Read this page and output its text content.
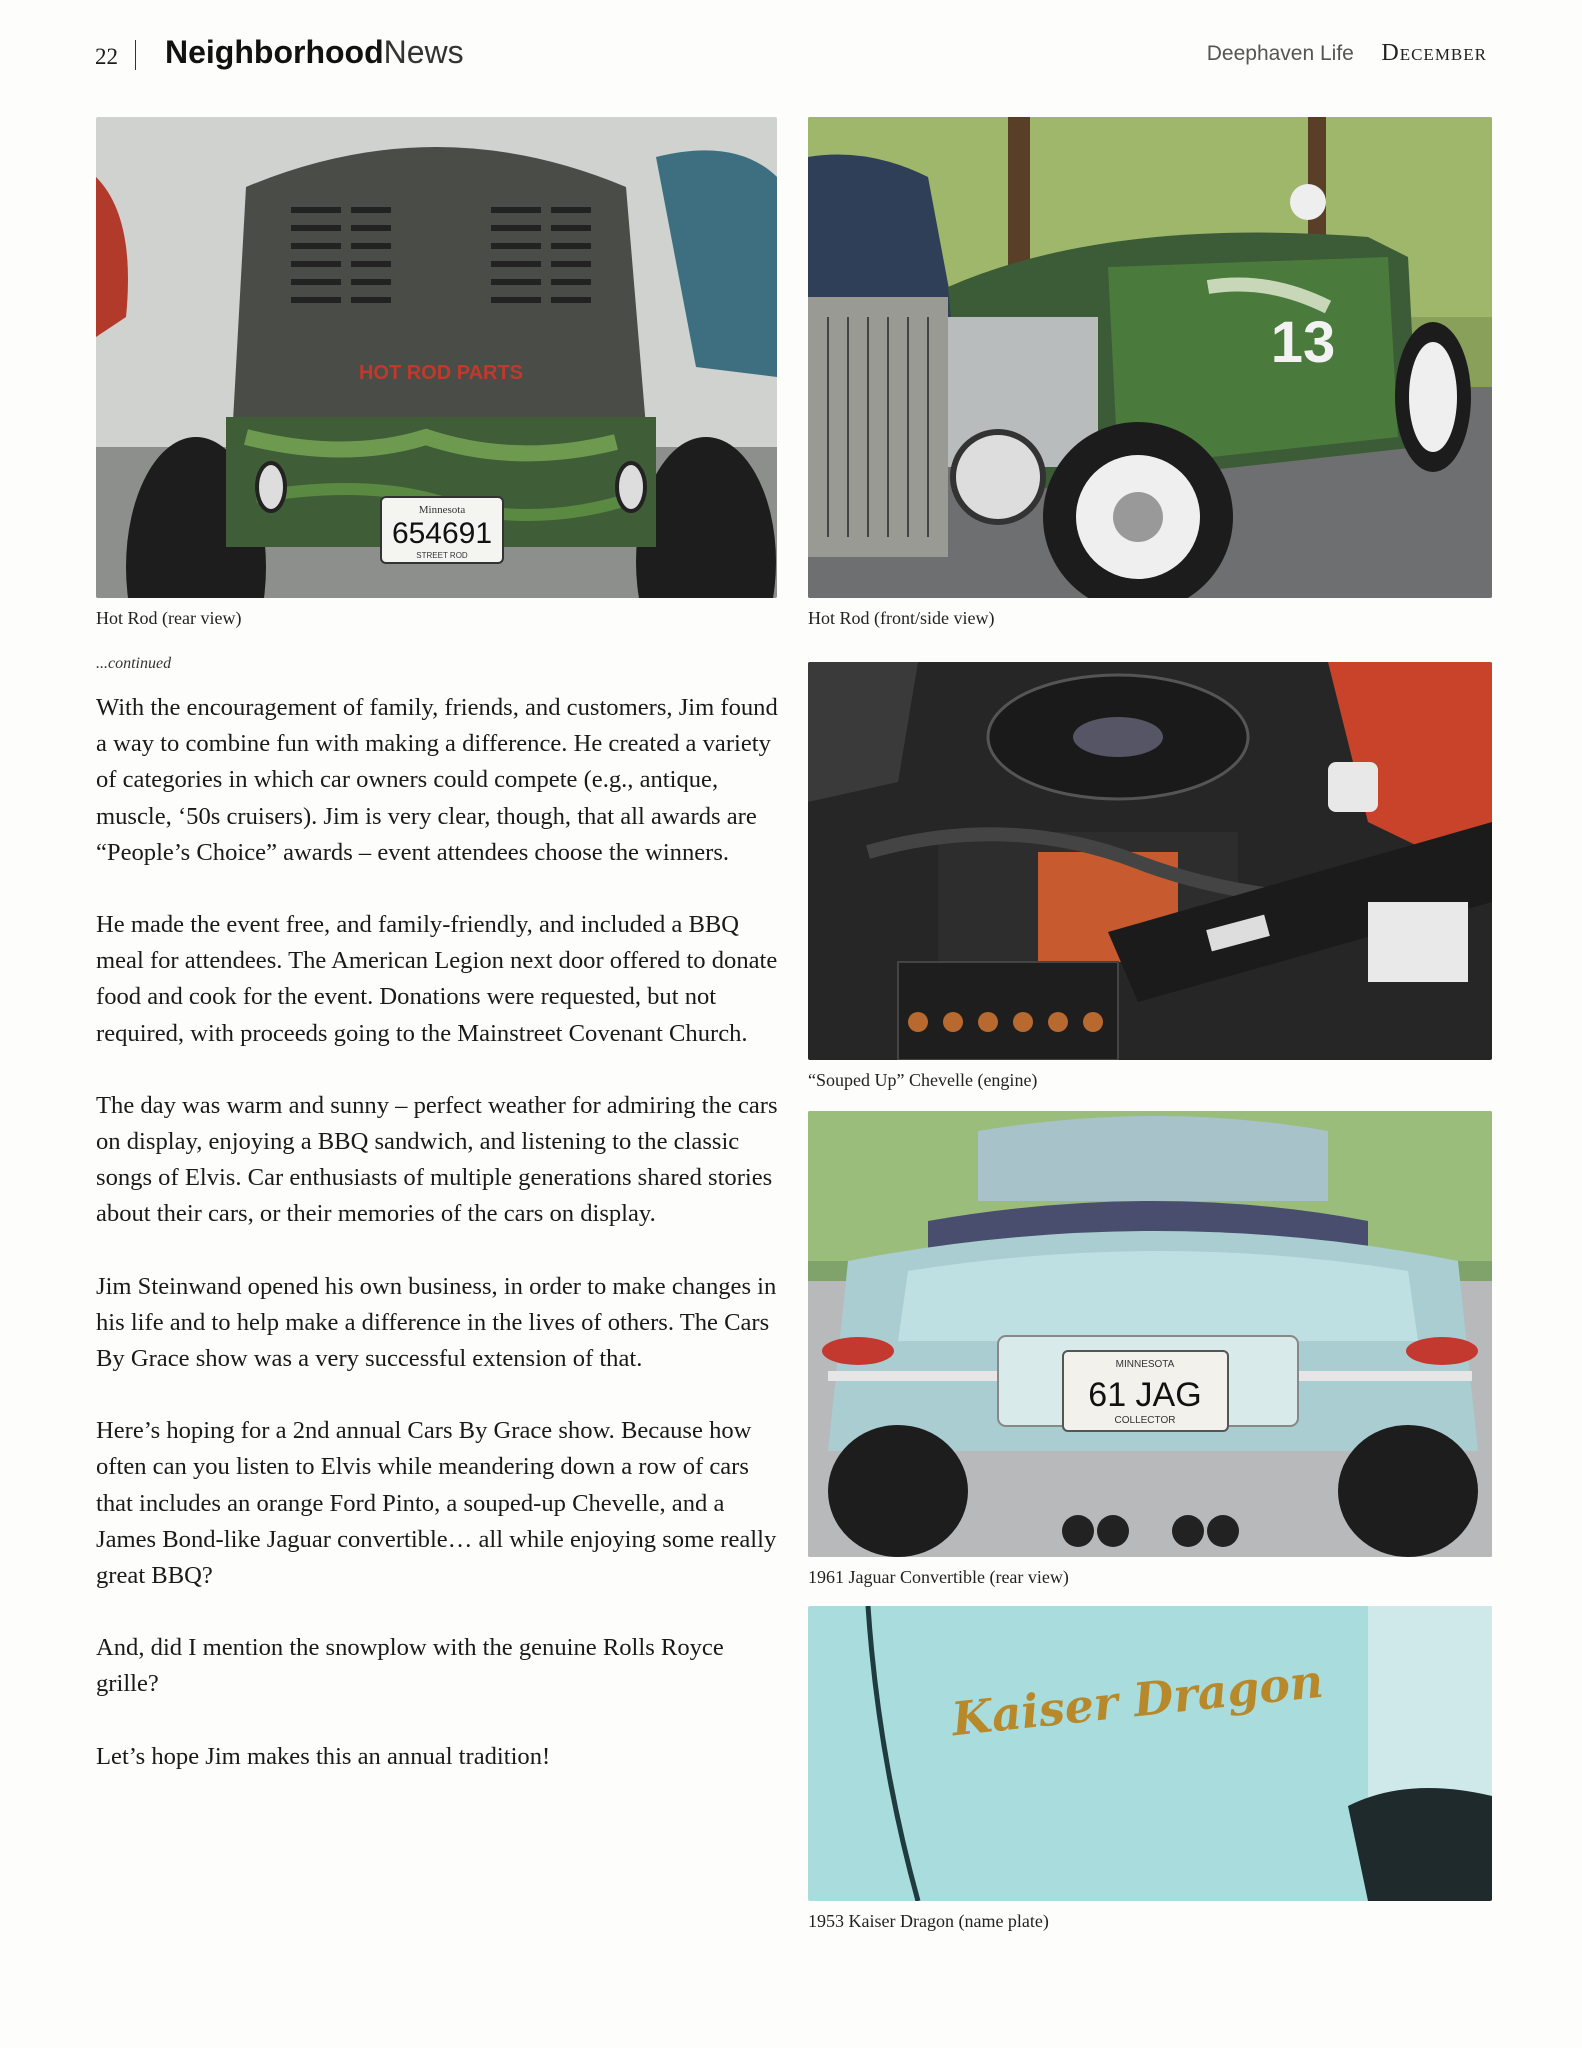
22 NeighborhoodNews	Deephaven Life December
HOT ROD PARTS
Minnesota
654691
STREET ROD
Hot Rod (rear view)
13
Hot Rod (front/side view)
“Souped Up” Chevelle (engine)
MINNESOTA
61 JAG
COLLECTOR
1961 Jaguar Convertible (rear view)
Kaiser Dragon
1953 Kaiser Dragon (name plate)
...continued

With the encouragement of family, friends, and customers, Jim found a way to combine fun with making a difference. He created a variety of categories in which car owners could compete (e.g., antique, muscle, ‘50s cruisers). Jim is very clear, though, that all awards are “People’s Choice” awards – event attendees choose the winners.

He made the event free, and family-friendly, and included a BBQ meal for attendees. The American Legion next door offered to donate food and cook for the event. Donations were requested, but not required, with proceeds going to the Mainstreet Covenant Church.

The day was warm and sunny – perfect weather for admiring the cars on display, enjoying a BBQ sandwich, and listening to the classic songs of Elvis. Car enthusiasts of multiple generations shared stories about their cars, or their memories of the cars on display.

Jim Steinwand opened his own business, in order to make changes in his life and to help make a difference in the lives of others. The Cars By Grace show was a very successful extension of that.

Here’s hoping for a 2nd annual Cars By Grace show. Because how often can you listen to Elvis while meandering down a row of cars that includes an orange Ford Pinto, a souped-up Chevelle, and a James Bond-like Jaguar convertible… all while enjoying some really great BBQ?

And, did I mention the snowplow with the genuine Rolls Royce grille?

Let’s hope Jim makes this an annual tradition!
